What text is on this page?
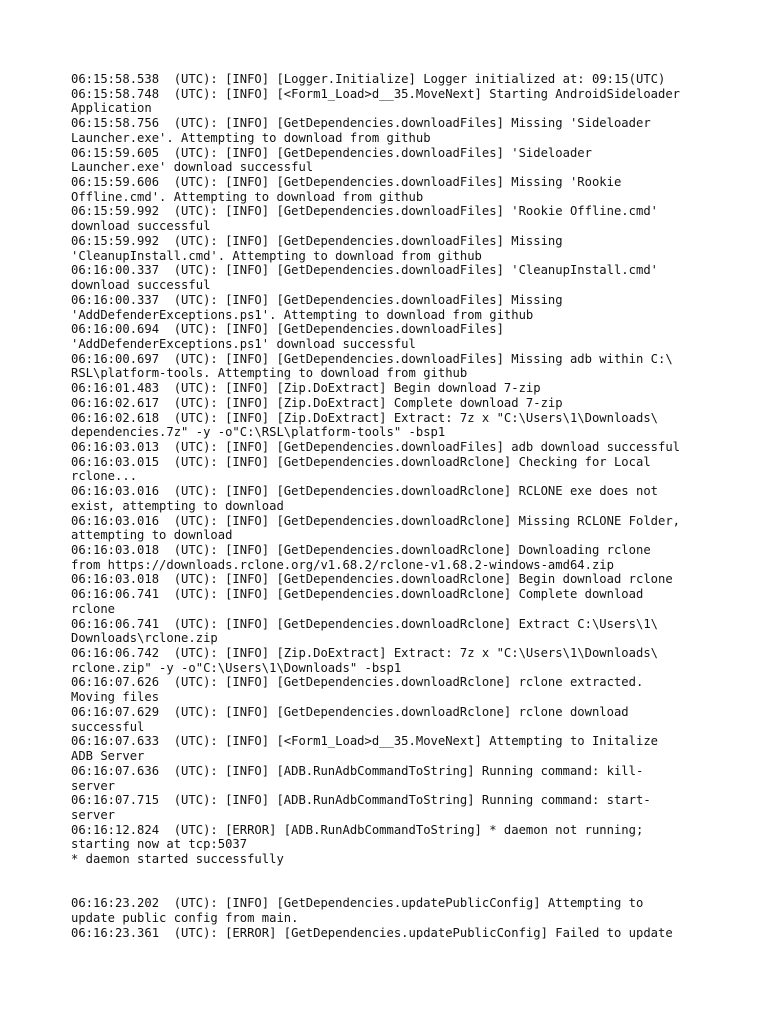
06:15:58.538  (UTC): [INFO] [Logger.Initialize] Logger initialized at: 09:15(UTC)
06:15:58.748  (UTC): [INFO] [<Form1_Load>d__35.MoveNext] Starting AndroidSideloader
Application
06:15:58.756  (UTC): [INFO] [GetDependencies.downloadFiles] Missing 'Sideloader
Launcher.exe'. Attempting to download from github
06:15:59.605  (UTC): [INFO] [GetDependencies.downloadFiles] 'Sideloader
Launcher.exe' download successful
06:15:59.606  (UTC): [INFO] [GetDependencies.downloadFiles] Missing 'Rookie
Offline.cmd'. Attempting to download from github
06:15:59.992  (UTC): [INFO] [GetDependencies.downloadFiles] 'Rookie Offline.cmd'
download successful
06:15:59.992  (UTC): [INFO] [GetDependencies.downloadFiles] Missing
'CleanupInstall.cmd'. Attempting to download from github
06:16:00.337  (UTC): [INFO] [GetDependencies.downloadFiles] 'CleanupInstall.cmd'
download successful
06:16:00.337  (UTC): [INFO] [GetDependencies.downloadFiles] Missing
'AddDefenderExceptions.ps1'. Attempting to download from github
06:16:00.694  (UTC): [INFO] [GetDependencies.downloadFiles]
'AddDefenderExceptions.ps1' download successful
06:16:00.697  (UTC): [INFO] [GetDependencies.downloadFiles] Missing adb within C:\
RSL\platform-tools. Attempting to download from github
06:16:01.483  (UTC): [INFO] [Zip.DoExtract] Begin download 7-zip
06:16:02.617  (UTC): [INFO] [Zip.DoExtract] Complete download 7-zip
06:16:02.618  (UTC): [INFO] [Zip.DoExtract] Extract: 7z x "C:\Users\1\Downloads\
dependencies.7z" -y -o"C:\RSL\platform-tools" -bsp1
06:16:03.013  (UTC): [INFO] [GetDependencies.downloadFiles] adb download successful
06:16:03.015  (UTC): [INFO] [GetDependencies.downloadRclone] Checking for Local
rclone...
06:16:03.016  (UTC): [INFO] [GetDependencies.downloadRclone] RCLONE exe does not
exist, attempting to download
06:16:03.016  (UTC): [INFO] [GetDependencies.downloadRclone] Missing RCLONE Folder,
attempting to download
06:16:03.018  (UTC): [INFO] [GetDependencies.downloadRclone] Downloading rclone
from https://downloads.rclone.org/v1.68.2/rclone-v1.68.2-windows-amd64.zip
06:16:03.018  (UTC): [INFO] [GetDependencies.downloadRclone] Begin download rclone
06:16:06.741  (UTC): [INFO] [GetDependencies.downloadRclone] Complete download
rclone
06:16:06.741  (UTC): [INFO] [GetDependencies.downloadRclone] Extract C:\Users\1\
Downloads\rclone.zip
06:16:06.742  (UTC): [INFO] [Zip.DoExtract] Extract: 7z x "C:\Users\1\Downloads\
rclone.zip" -y -o"C:\Users\1\Downloads" -bsp1
06:16:07.626  (UTC): [INFO] [GetDependencies.downloadRclone] rclone extracted.
Moving files
06:16:07.629  (UTC): [INFO] [GetDependencies.downloadRclone] rclone download
successful
06:16:07.633  (UTC): [INFO] [<Form1_Load>d__35.MoveNext] Attempting to Initalize
ADB Server
06:16:07.636  (UTC): [INFO] [ADB.RunAdbCommandToString] Running command: kill-
server
06:16:07.715  (UTC): [INFO] [ADB.RunAdbCommandToString] Running command: start-
server
06:16:12.824  (UTC): [ERROR] [ADB.RunAdbCommandToString] * daemon not running;
starting now at tcp:5037
* daemon started successfully

06:16:23.202  (UTC): [INFO] [GetDependencies.updatePublicConfig] Attempting to
update public config from main.
06:16:23.361  (UTC): [ERROR] [GetDependencies.updatePublicConfig] Failed to update
